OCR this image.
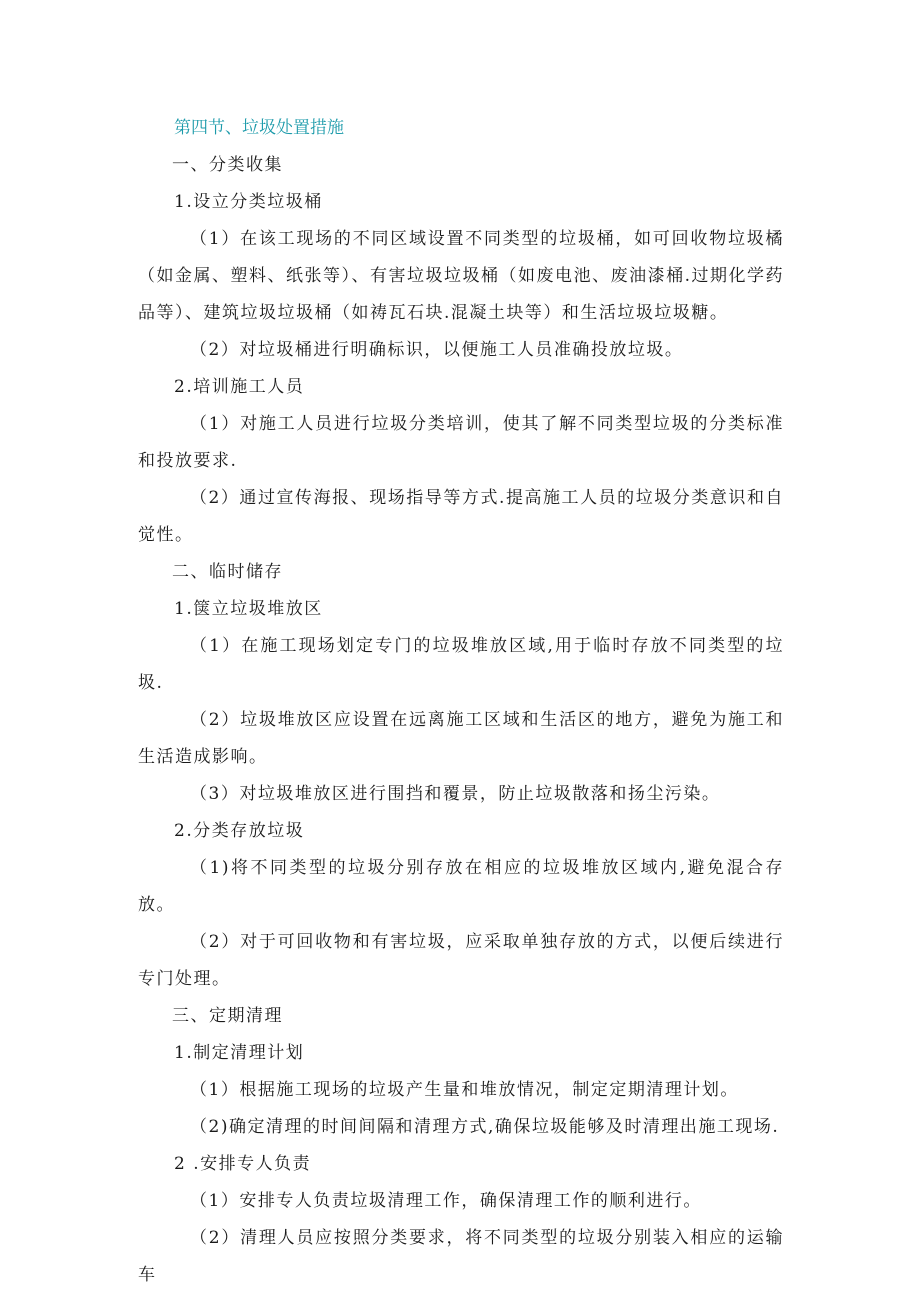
第四节、垃圾处置措施

一、分类收集

1.设立分类垃圾桶

（1）在该工现场的不同区域设置不同类型的垃圾桶，如可回收物垃圾橘（如金属、塑料、纸张等）、有害垃圾垃圾桶（如废电池、废油漆桶.过期化学药品等）、建筑垃圾垃圾桶（如祷瓦石块.混凝土块等）和生活垃圾垃圾糖。

（2）对垃圾桶进行明确标识，以便施工人员准确投放垃圾。

2.培训施工人员

（1）对施工人员进行垃圾分类培训，使其了解不同类型垃圾的分类标准和投放要求.

（2）通过宣传海报、现场指导等方式.提高施工人员的垃圾分类意识和自觉性。

二、临时储存

1.箧立垃圾堆放区

（1）在施工现场划定专门的垃圾堆放区域,用于临时存放不同类型的垃圾.

（2）垃圾堆放区应设置在远离施工区域和生活区的地方，避免为施工和生活造成影响。

（3）对垃圾堆放区进行围挡和覆景，防止垃圾散落和扬尘污染。

2.分类存放垃圾

（1)将不同类型的垃圾分别存放在相应的垃圾堆放区域内,避免混合存放。

（2）对于可回收物和有害垃圾，应采取单独存放的方式，以便后续进行专门处理。

三、定期清理

1.制定清理计划

（1）根据施工现场的垃圾产生量和堆放情况，制定定期清理计划。

（2)确定清理的时间间隔和清理方式,确保垃圾能够及时清理出施工现场.

2 .安排专人负责

（1）安排专人负责垃圾清理工作，确保清理工作的顺利进行。

（2）清理人员应按照分类要求，将不同类型的垃圾分别装入相应的运输车
